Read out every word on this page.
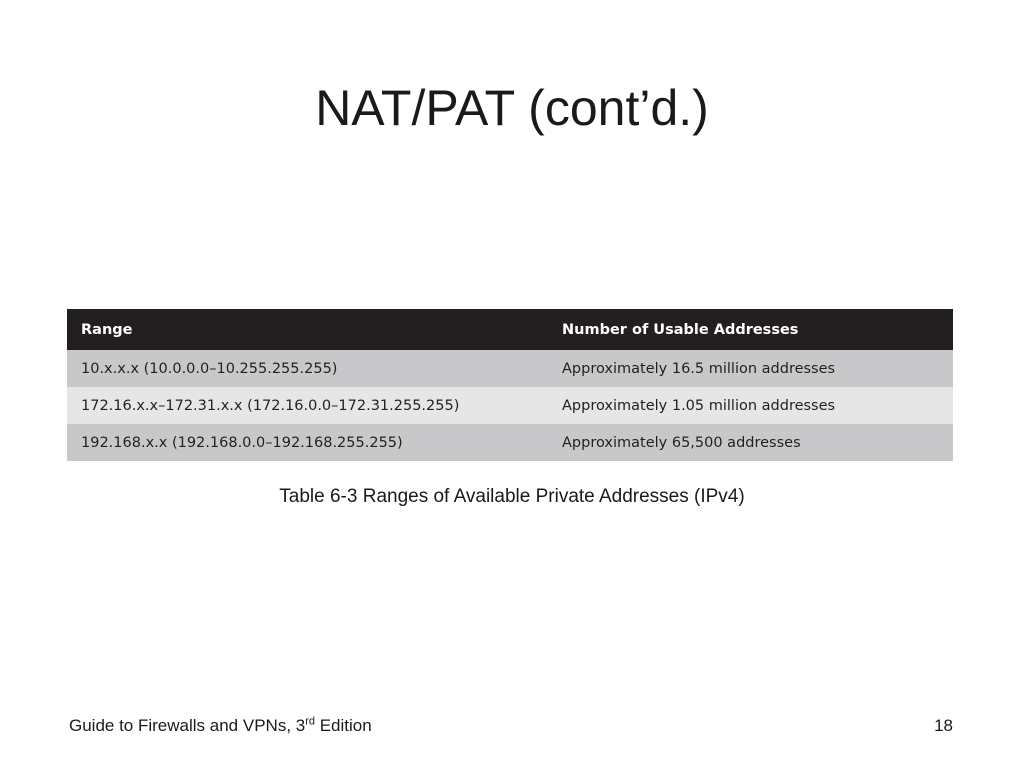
NAT/PAT (cont’d.)
Range	Number of Usable Addresses
10.x.x.x (10.0.0.0–10.255.255.255)	Approximately 16.5 million addresses
172.16.x.x–172.31.x.x (172.16.0.0–172.31.255.255)	Approximately 1.05 million addresses
192.168.x.x (192.168.0.0–192.168.255.255)	Approximately 65,500 addresses
Table 6-3 Ranges of Available Private Addresses (IPv4)
Guide to Firewalls and VPNs, 3rd Edition	18
